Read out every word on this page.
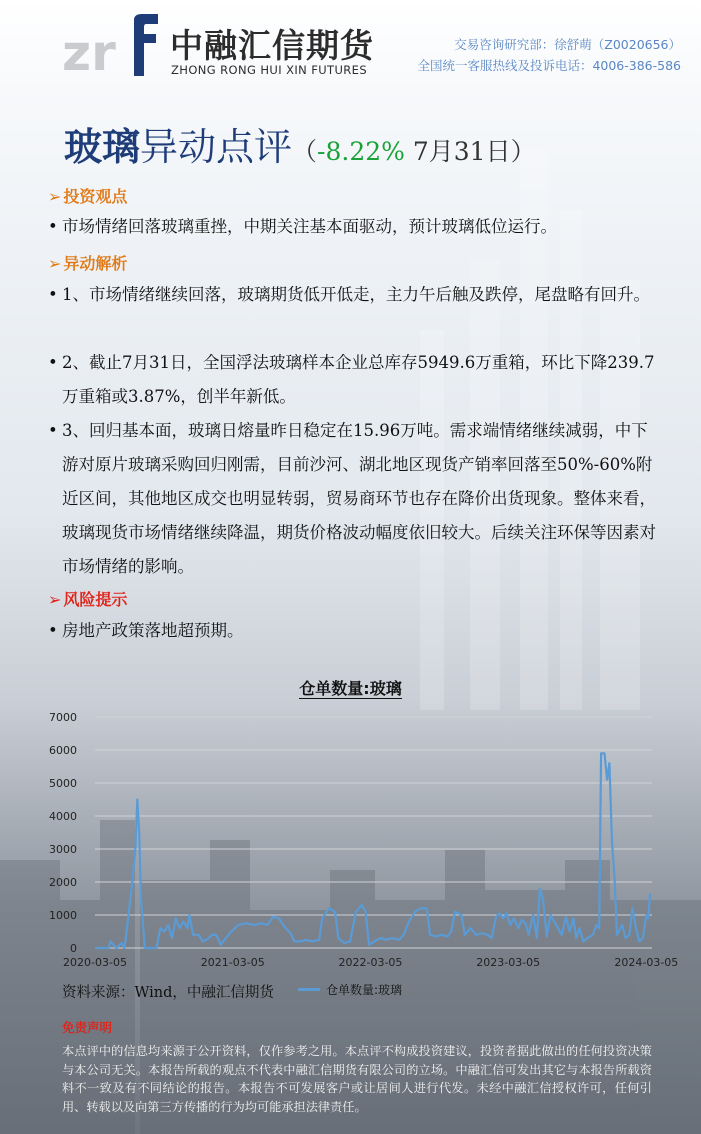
zr 中融汇信期货
ZHONG RONG HUI XIN FUTURES
交易咨询研究部：徐舒萌（Z0020656）
全国统一客服热线及投诉电话：4006-386-586
玻璃异动点评（-8.22% 7月31日）
➢ 投资观点
• 市场情绪回落玻璃重挫，中期关注基本面驱动，预计玻璃低位运行。
➢ 异动解析
• 1、市场情绪继续回落，玻璃期货低开低走，主力午后触及跌停，尾盘略有回升。
• 2、截止7月31日，全国浮法玻璃样本企业总库存5949.6万重箱，环比下降239.7万重箱或3.87%，创半年新低。
• 3、回归基本面，玻璃日熔量昨日稳定在15.96万吨。需求端情绪继续减弱，中下游对原片玻璃采购回归刚需，目前沙河、湖北地区现货产销率回落至50%-60%附近区间，其他地区成交也明显转弱，贸易商环节也存在降价出货现象。整体来看，玻璃现货市场情绪继续降温，期货价格波动幅度依旧较大。后续关注环保等因素对市场情绪的影响。
➢ 风险提示
• 房地产政策落地超预期。
仓单数量:玻璃
0
1000
2000
3000
4000
5000
6000
7000
2020-03-05	2021-03-05	2022-03-05	2023-03-05	2024-03-05
资料来源：Wind，中融汇信期货	仓单数量:玻璃
免责声明
本点评中的信息均来源于公开资料，仅作参考之用。本点评不构成投资建议，投资者据此做出的任何投资决策与本公司无关。本报告所载的观点不代表中融汇信期货有限公司的立场。中融汇信可发出其它与本报告所载资料不一致及有不同结论的报告。本报告不可发展客户或让居间人进行代发。未经中融汇信授权许可，任何引用、转载以及向第三方传播的行为均可能承担法律责任。
